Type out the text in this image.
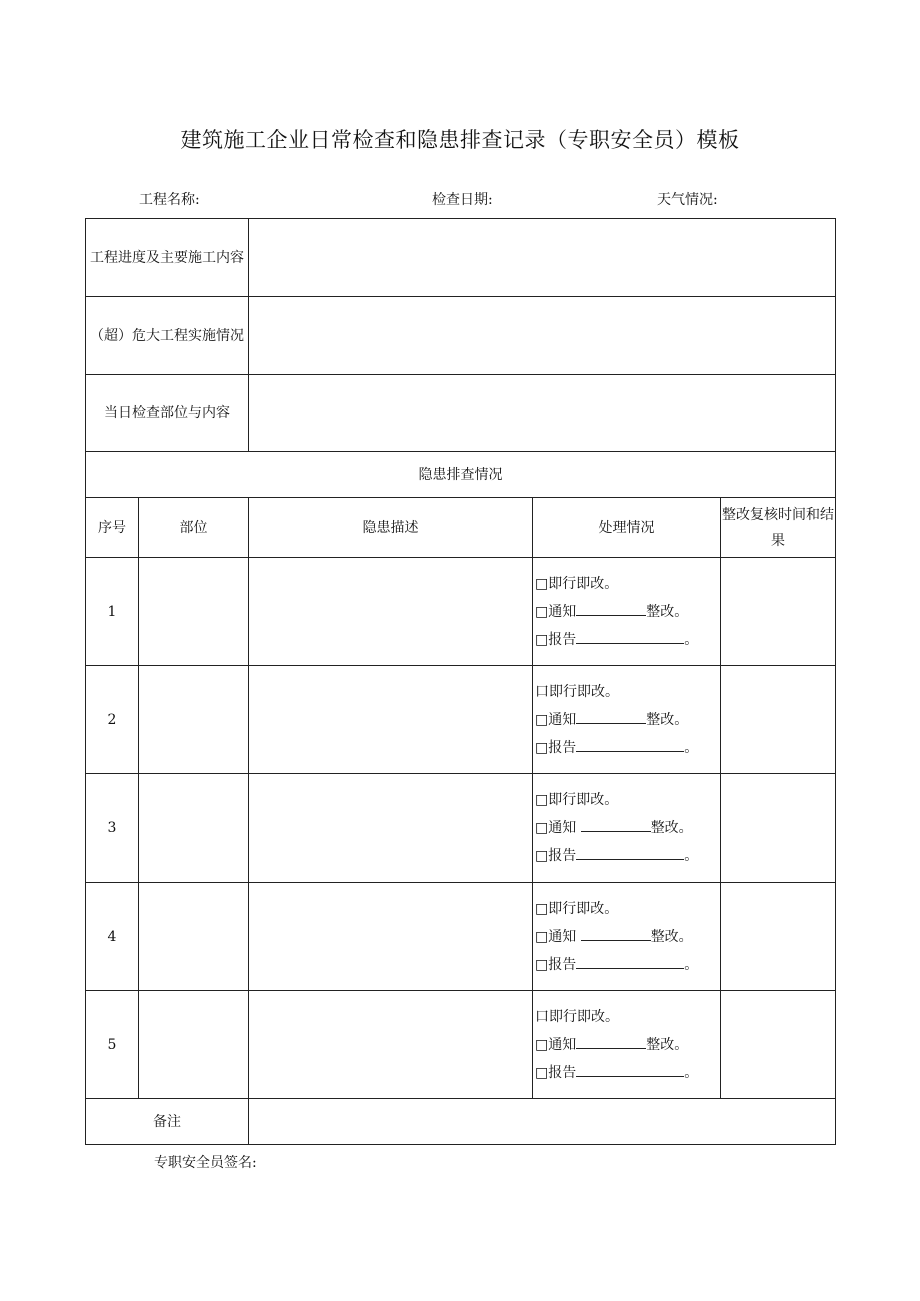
建筑施工企业日常检查和隐患排查记录（专职安全员）模板
工程名称:	检查日期:	天气情况:
工程进度及主要施工内容				
（超）危大工程实施情况				
当日检查部位与内容				
隐患排查情况				
序号	部位	隐患描述	处理情况	整改复核时间和结果
1			□即行即改。
□通知 整改。
□报告 。	

2			口即行即改。
□通知 整改。
□报告 。	

3			□即行即改。
□通知 整改。
□报告 。	

4			□即行即改。
□通知 整改。
□报告 。	

5			口即行即改。
□通知 整改。
□报告 。	

备注				
专职安全员签名:
